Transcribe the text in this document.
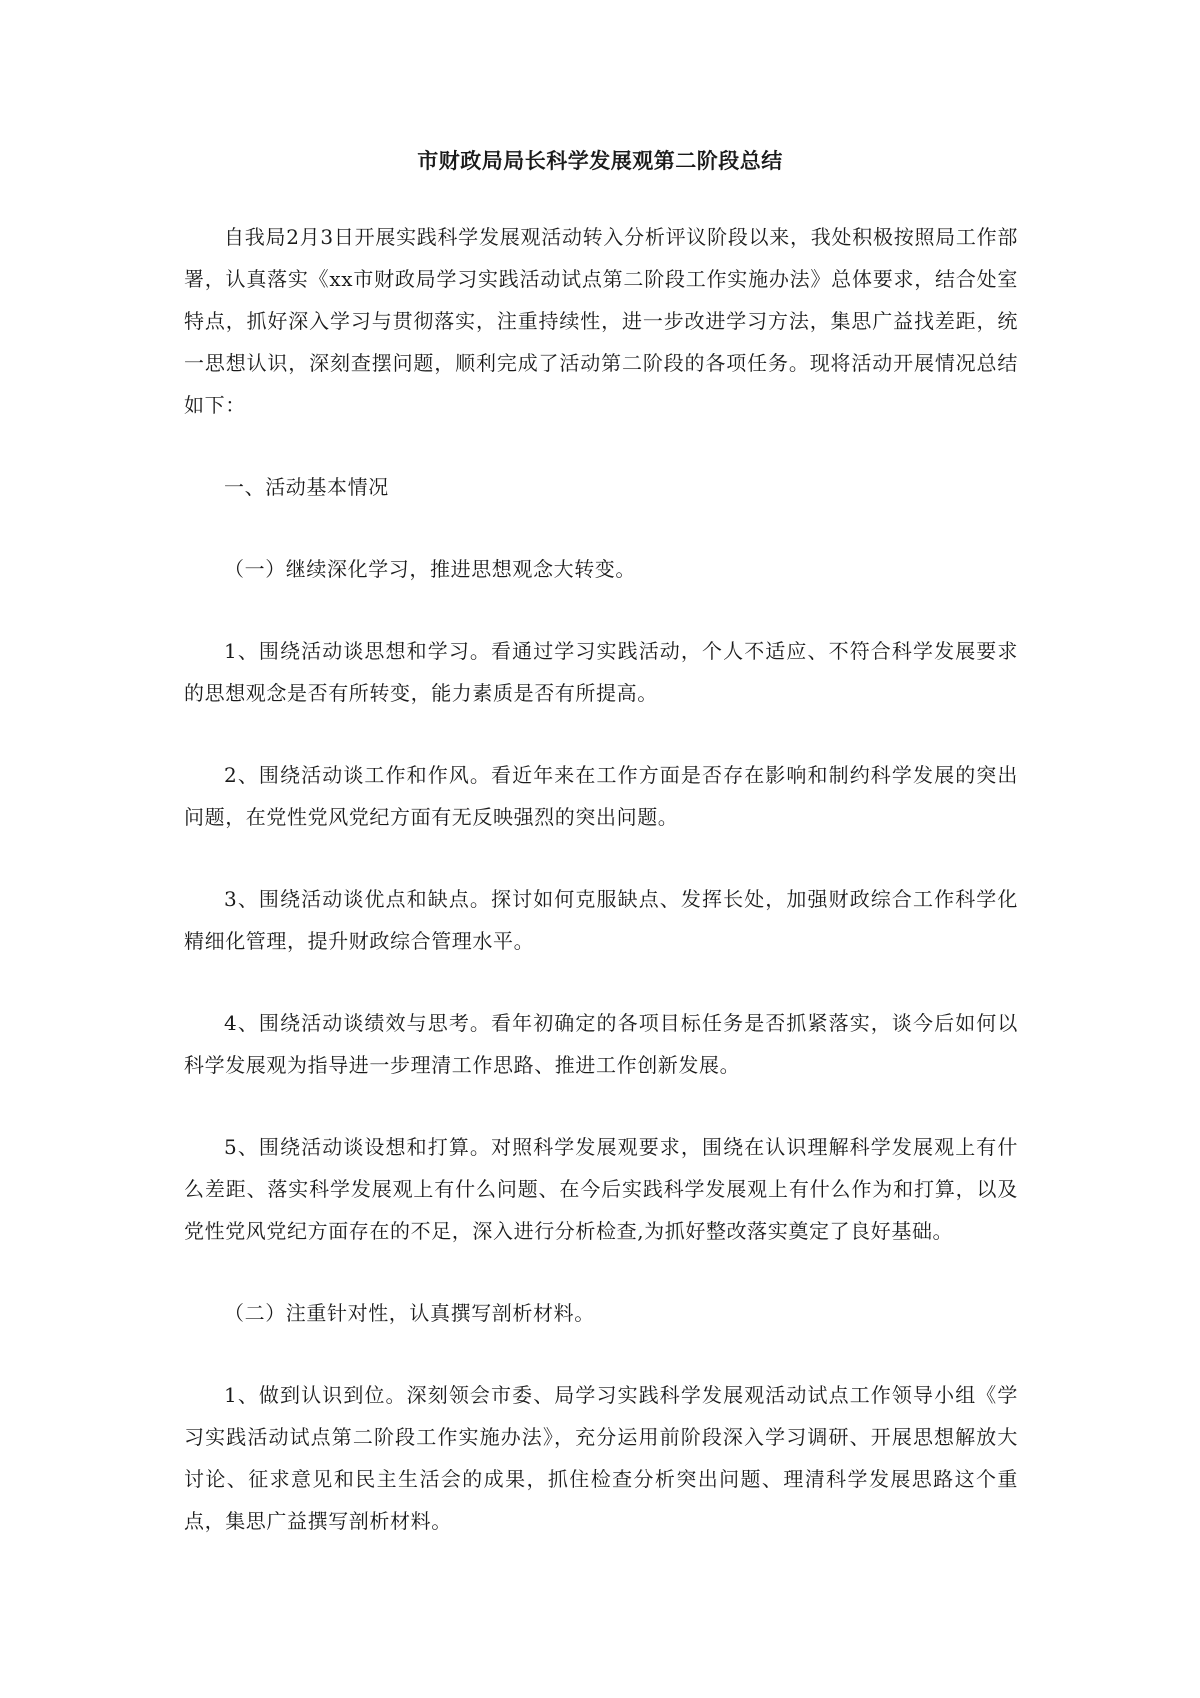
市财政局局长科学发展观第二阶段总结

自我局2月3日开展实践科学发展观活动转入分析评议阶段以来，我处积极按照局工作部署，认真落实《xx市财政局学习实践活动试点第二阶段工作实施办法》总体要求，结合处室特点，抓好深入学习与贯彻落实，注重持续性，进一步改进学习方法，集思广益找差距，统一思想认识，深刻查摆问题，顺利完成了活动第二阶段的各项任务。现将活动开展情况总结如下：

一、活动基本情况

（一）继续深化学习，推进思想观念大转变。

1、围绕活动谈思想和学习。看通过学习实践活动，个人不适应、不符合科学发展要求的思想观念是否有所转变，能力素质是否有所提高。

2、围绕活动谈工作和作风。看近年来在工作方面是否存在影响和制约科学发展的突出问题，在党性党风党纪方面有无反映强烈的突出问题。

3、围绕活动谈优点和缺点。探讨如何克服缺点、发挥长处，加强财政综合工作科学化精细化管理，提升财政综合管理水平。

4、围绕活动谈绩效与思考。看年初确定的各项目标任务是否抓紧落实，谈今后如何以科学发展观为指导进一步理清工作思路、推进工作创新发展。

5、围绕活动谈设想和打算。对照科学发展观要求，围绕在认识理解科学发展观上有什么差距、落实科学发展观上有什么问题、在今后实践科学发展观上有什么作为和打算，以及党性党风党纪方面存在的不足，深入进行分析检查,为抓好整改落实奠定了良好基础。

（二）注重针对性，认真撰写剖析材料。

1、做到认识到位。深刻领会市委、局学习实践科学发展观活动试点工作领导小组《学习实践活动试点第二阶段工作实施办法》，充分运用前阶段深入学习调研、开展思想解放大讨论、征求意见和民主生活会的成果，抓住检查分析突出问题、理清科学发展思路这个重点，集思广益撰写剖析材料。
